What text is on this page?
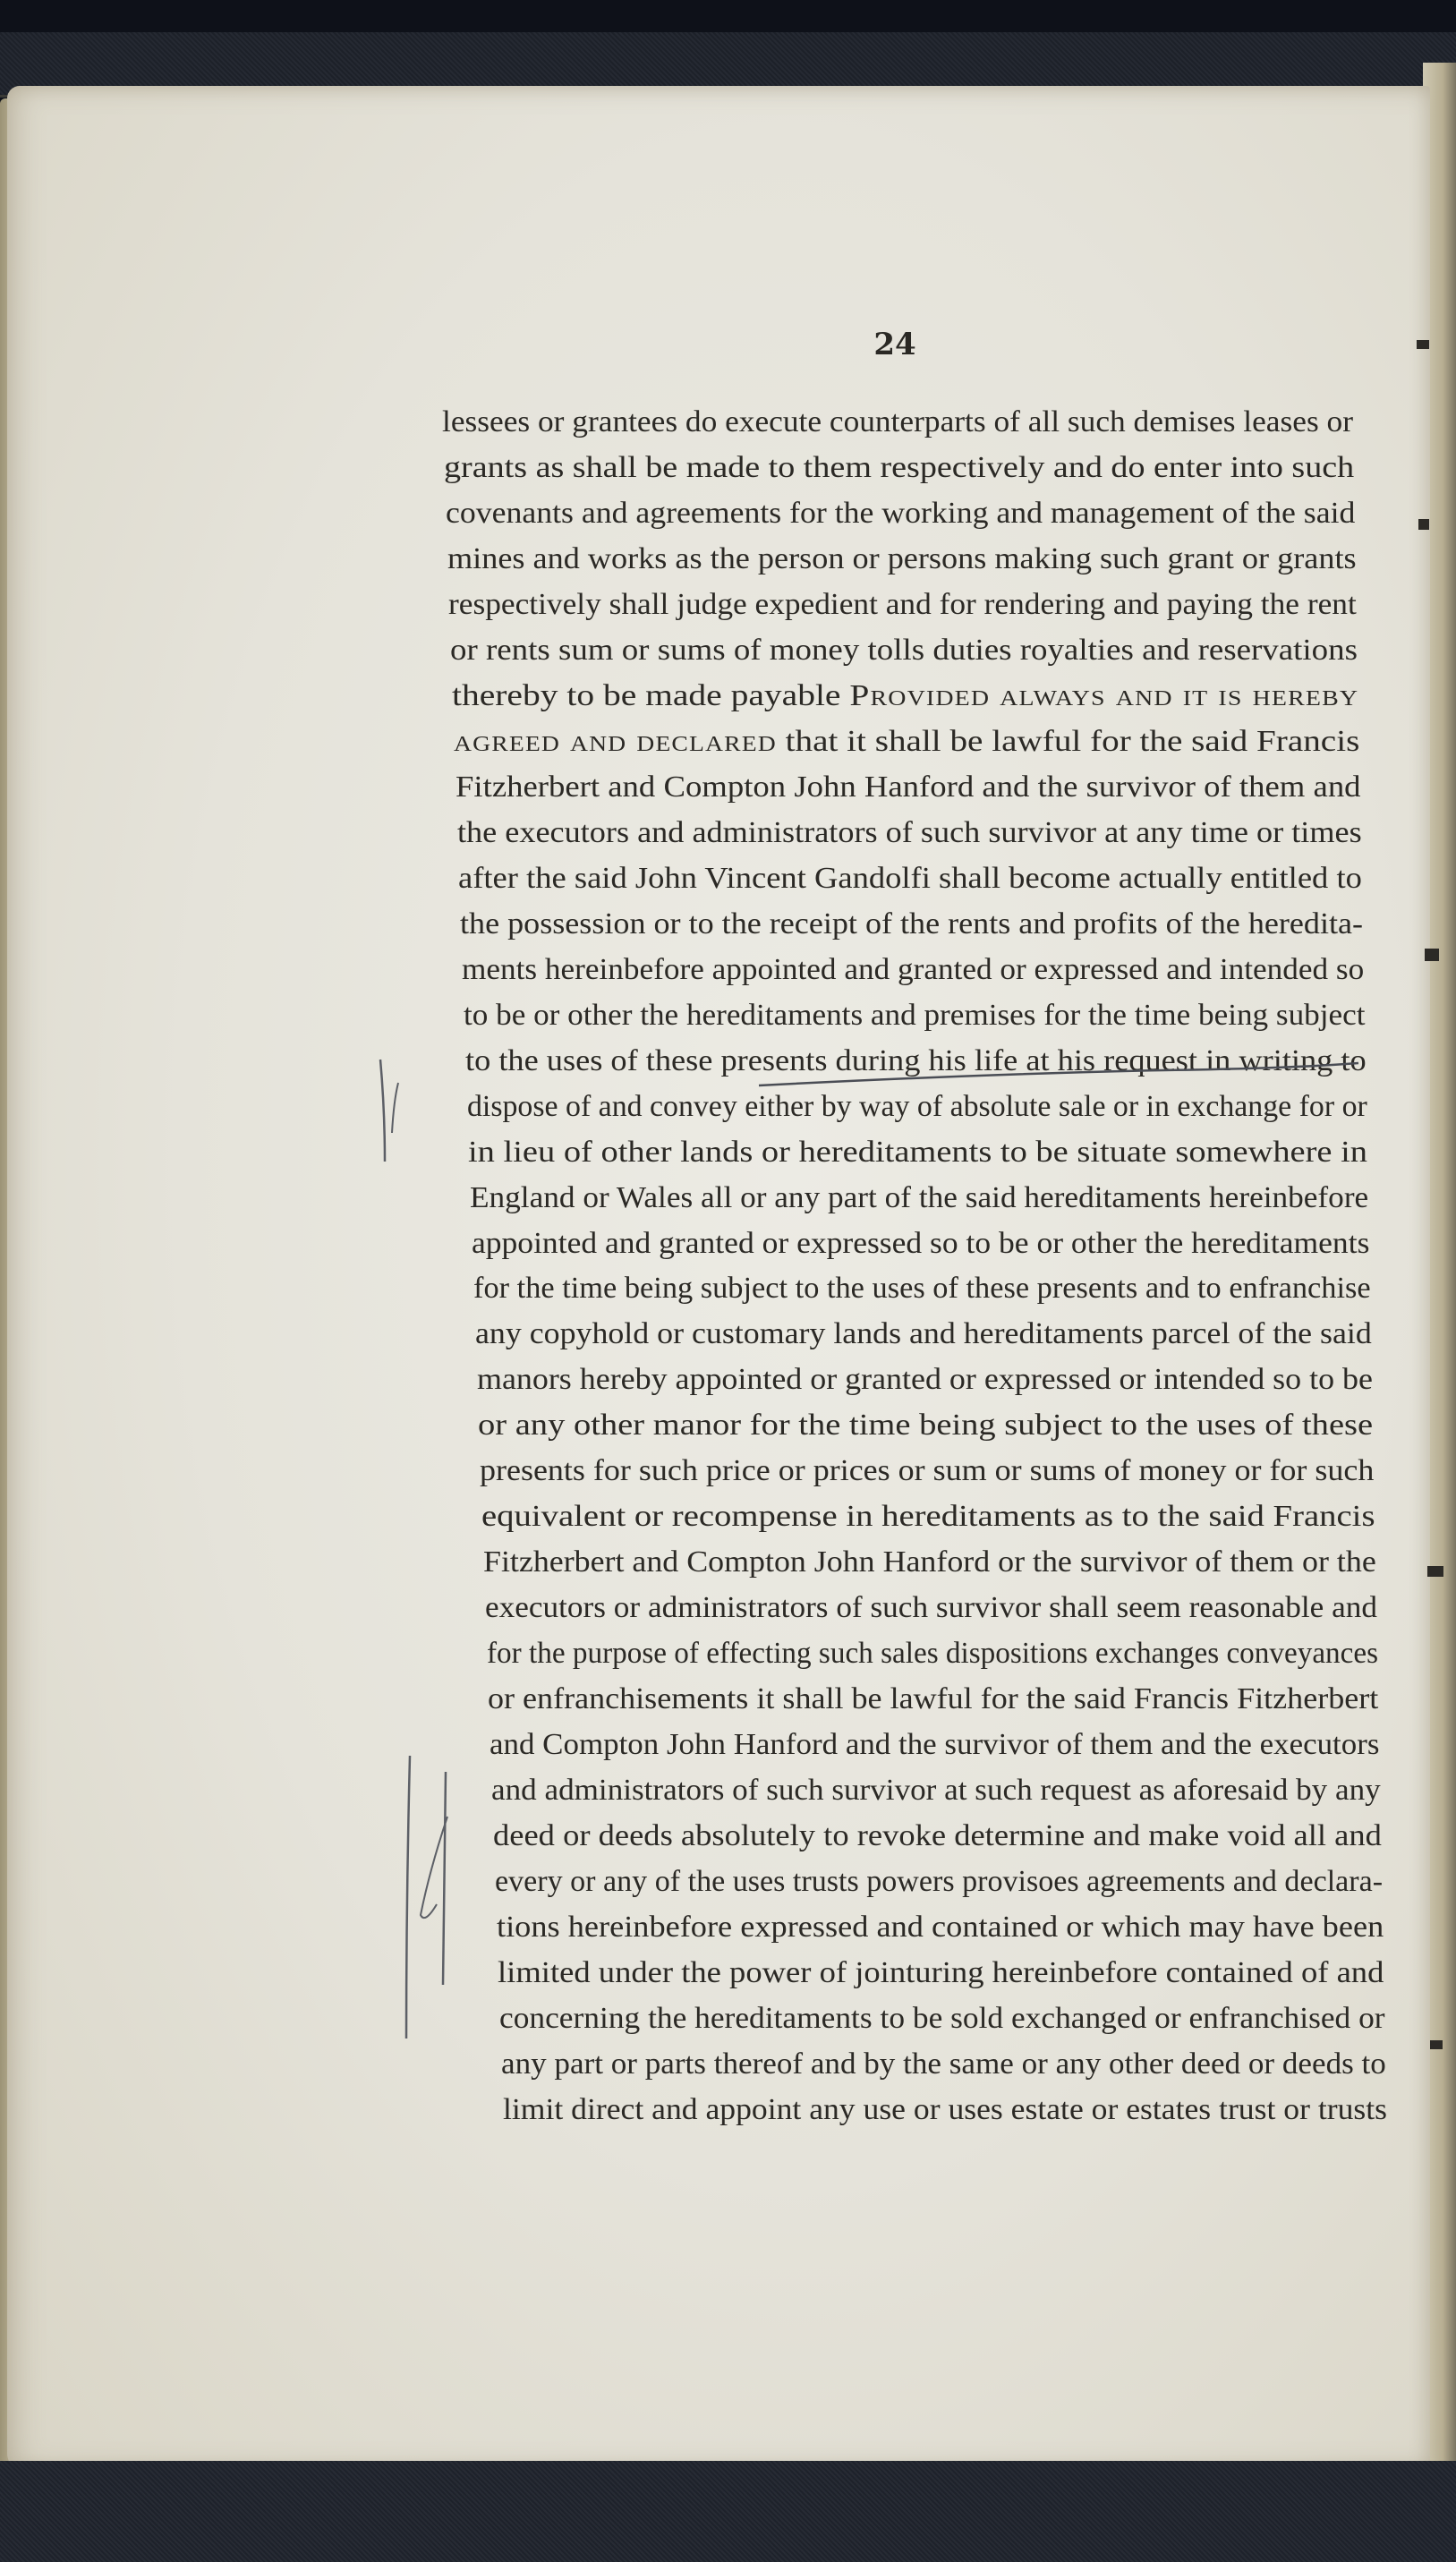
24
lessees or grantees do execute counterparts of all such demises leases or
grants as shall be made to them respectively and do enter into such
covenants and agreements for the working and management of the said
mines and works as the person or persons making such grant or grants
respectively shall judge expedient and for rendering and paying the rent
or rents sum or sums of money tolls duties royalties and reservations
thereby to be made payable Provided always and it is hereby
agreed and declared that it shall be lawful for the said Francis
Fitzherbert and Compton John Hanford and the survivor of them and
the executors and administrators of such survivor at any time or times
after the said John Vincent Gandolfi shall become actually entitled to
the possession or to the receipt of the rents and profits of the heredita-
ments hereinbefore appointed and granted or expressed and intended so
to be or other the hereditaments and premises for the time being subject
to the uses of these presents during his life at his request in writing to
dispose of and convey either by way of absolute sale or in exchange for or
in lieu of other lands or hereditaments to be situate somewhere in
England or Wales all or any part of the said hereditaments hereinbefore
appointed and granted or expressed so to be or other the hereditaments
for the time being subject to the uses of these presents and to enfranchise
any copyhold or customary lands and hereditaments parcel of the said
manors hereby appointed or granted or expressed or intended so to be
or any other manor for the time being subject to the uses of these
presents for such price or prices or sum or sums of money or for such
equivalent or recompense in hereditaments as to the said Francis
Fitzherbert and Compton John Hanford or the survivor of them or the
executors or administrators of such survivor shall seem reasonable and
for the purpose of effecting such sales dispositions exchanges conveyances
or enfranchisements it shall be lawful for the said Francis Fitzherbert
and Compton John Hanford and the survivor of them and the executors
and administrators of such survivor at such request as aforesaid by any
deed or deeds absolutely to revoke determine and make void all and
every or any of the uses trusts powers provisoes agreements and declara-
tions hereinbefore expressed and contained or which may have been
limited under the power of jointuring hereinbefore contained of and
concerning the hereditaments to be sold exchanged or enfranchised or
any part or parts thereof and by the same or any other deed or deeds to
limit direct and appoint any use or uses estate or estates trust or trusts
